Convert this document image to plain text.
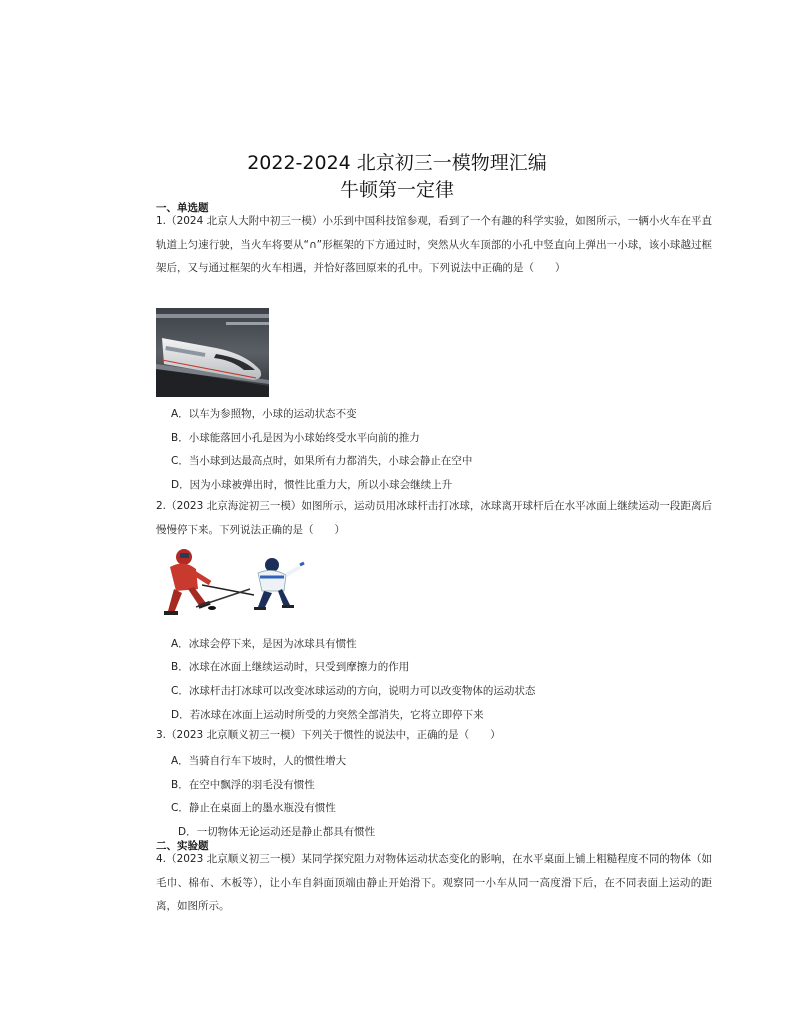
2022-2024 北京初三一模物理汇编
牛顿第一定律
一、单选题
1.（2024 北京人大附中初三一模）小乐到中国科技馆参观，看到了一个有趣的科学实验，如图所示，一辆小火车在平直轨道上匀速行驶，当火车将要从“∩”形框架的下方通过时，突然从火车顶部的小孔中竖直向上弹出一小球，该小球越过框架后，又与通过框架的火车相遇，并恰好落回原来的孔中。下列说法中正确的是（　　）
A．以车为参照物，小球的运动状态不变
B．小球能落回小孔是因为小球始终受水平向前的推力
C．当小球到达最高点时，如果所有力都消失，小球会静止在空中
D．因为小球被弹出时，惯性比重力大，所以小球会继续上升
2.（2023 北京海淀初三一模）如图所示，运动员用冰球杆击打冰球，冰球离开球杆后在水平冰面上继续运动一段距离后慢慢停下来。下列说法正确的是（　　）
A．冰球会停下来，是因为冰球具有惯性
B．冰球在冰面上继续运动时，只受到摩擦力的作用
C．冰球杆击打冰球可以改变冰球运动的方向，说明力可以改变物体的运动状态
D．若冰球在冰面上运动时所受的力突然全部消失，它将立即停下来
3.（2023 北京顺义初三一模）下列关于惯性的说法中，正确的是（　　）
A．当骑自行车下坡时，人的惯性增大
B．在空中飘浮的羽毛没有惯性
C．静止在桌面上的墨水瓶没有惯性
D．一切物体无论运动还是静止都具有惯性
二、实验题
4.（2023 北京顺义初三一模）某同学探究阻力对物体运动状态变化的影响，在水平桌面上铺上粗糙程度不同的物体（如毛巾、棉布、木板等），让小车自斜面顶端由静止开始滑下。观察同一小车从同一高度滑下后，在不同表面上运动的距离，如图所示。
